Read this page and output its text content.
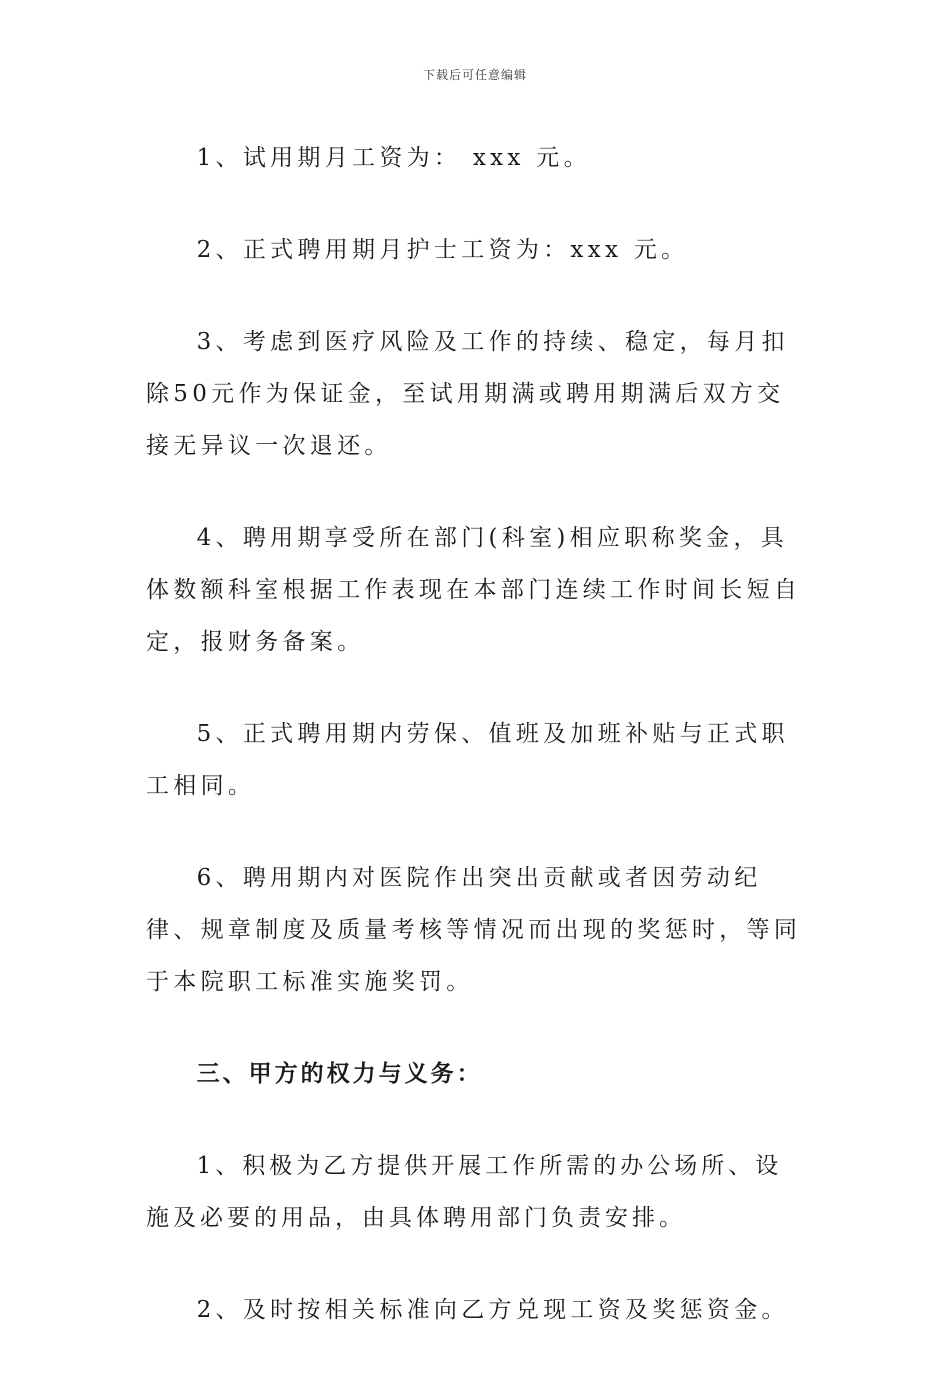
下载后可任意编辑

1、试用期月工资为： xxx 元。

2、正式聘用期月护士工资为：xxx 元。

3、考虑到医疗风险及工作的持续、稳定，每月扣除50元作为保证金，至试用期满或聘用期满后双方交接无异议一次退还。

4、聘用期享受所在部门(科室)相应职称奖金，具体数额科室根据工作表现在本部门连续工作时间长短自定，报财务备案。

5、正式聘用期内劳保、值班及加班补贴与正式职工相同。

6、聘用期内对医院作出突出贡献或者因劳动纪律、规章制度及质量考核等情况而出现的奖惩时，等同于本院职工标准实施奖罚。

三、甲方的权力与义务：

1、积极为乙方提供开展工作所需的办公场所、设施及必要的用品，由具体聘用部门负责安排。

2、及时按相关标准向乙方兑现工资及奖惩资金。
